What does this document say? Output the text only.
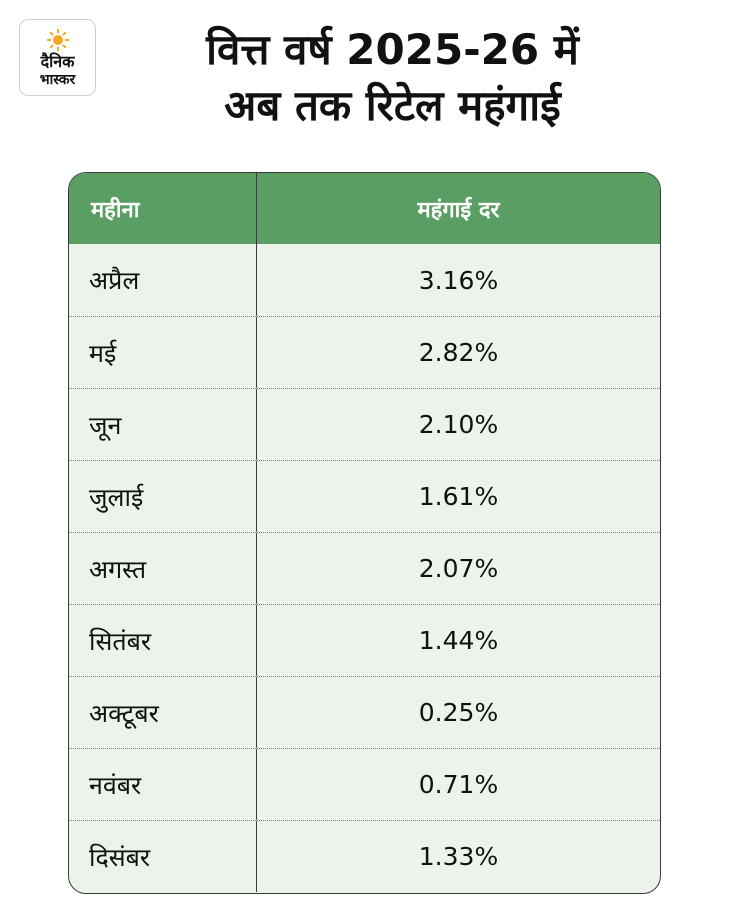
दैनिक
भास्कर
वित्त वर्ष 2025-26 में
अब तक रिटेल महंगाई
महीना	महंगाई दर
अप्रैल	3.16%
मई	2.82%
जून	2.10%
जुलाई	1.61%
अगस्त	2.07%
सितंबर	1.44%
अक्टूबर	0.25%
नवंबर	0.71%
दिसंबर	1.33%
